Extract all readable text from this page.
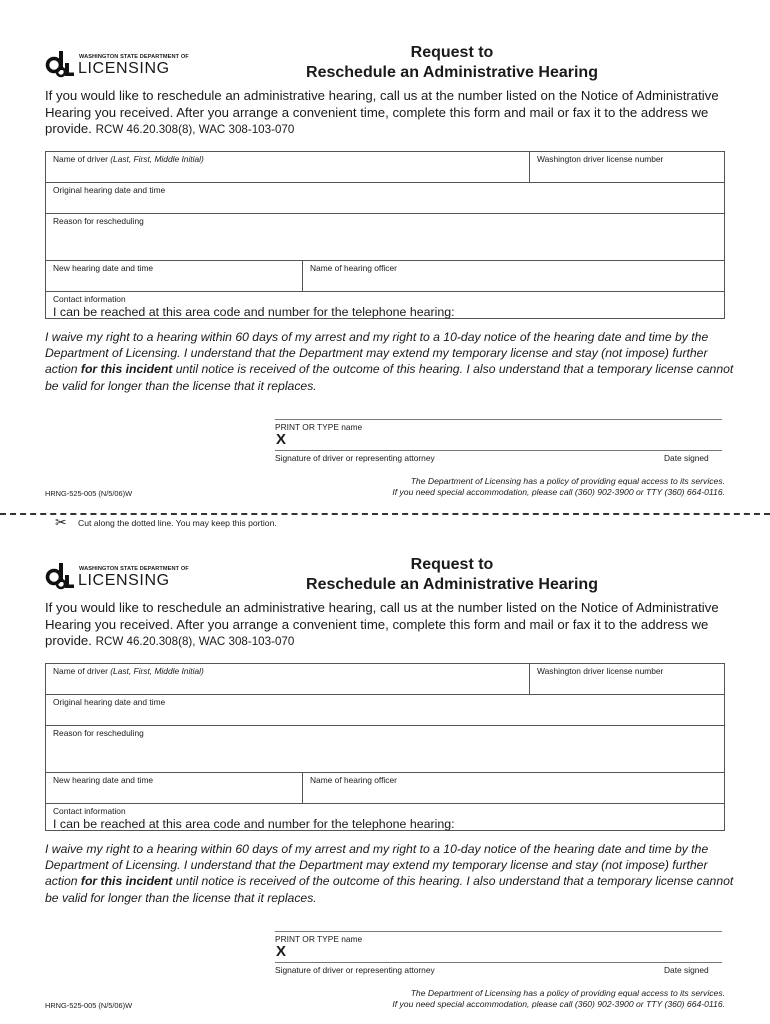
WASHINGTON STATE DEPARTMENT OF
LICENSING
Request to
Reschedule an Administrative Hearing
If you would like to reschedule an administrative hearing, call us at the number listed on the Notice of Administrative Hearing you received. After you arrange a convenient time, complete this form and mail or fax it to the address we provide. RCW 46.20.308(8), WAC 308-103-070
Name of driver (Last, First, Middle Initial)	Washington driver license number
Original hearing date and time
Reason for rescheduling
New hearing date and time	Name of hearing officer
Contact information
I can be reached at this area code and number for the telephone hearing:
I waive my right to a hearing within 60 days of my arrest and my right to a 10-day notice of the hearing date and time by the Department of Licensing. I understand that the Department may extend my temporary license and stay (not impose) further action for this incident until notice is received of the outcome of this hearing. I also understand that a temporary license cannot be valid for longer than the license that it replaces.
PRINT OR TYPE name
X
Signature of driver or representing attorney	Date signed
HRNG-525-005 (N/5/06)W
The Department of Licensing has a policy of providing equal access to its services.
If you need special accommodation, please call (360) 902-3900 or TTY (360) 664-0116.
✂ Cut along the dotted line. You may keep this portion.
WASHINGTON STATE DEPARTMENT OF
LICENSING
Request to
Reschedule an Administrative Hearing
If you would like to reschedule an administrative hearing, call us at the number listed on the Notice of Administrative Hearing you received. After you arrange a convenient time, complete this form and mail or fax it to the address we provide. RCW 46.20.308(8), WAC 308-103-070
Name of driver (Last, First, Middle Initial)	Washington driver license number
Original hearing date and time
Reason for rescheduling
New hearing date and time	Name of hearing officer
Contact information
I can be reached at this area code and number for the telephone hearing:
I waive my right to a hearing within 60 days of my arrest and my right to a 10-day notice of the hearing date and time by the Department of Licensing. I understand that the Department may extend my temporary license and stay (not impose) further action for this incident until notice is received of the outcome of this hearing. I also understand that a temporary license cannot be valid for longer than the license that it replaces.
PRINT OR TYPE name
X
Signature of driver or representing attorney	Date signed
HRNG-525-005 (N/5/06)W
The Department of Licensing has a policy of providing equal access to its services.
If you need special accommodation, please call (360) 902-3900 or TTY (360) 664-0116.
